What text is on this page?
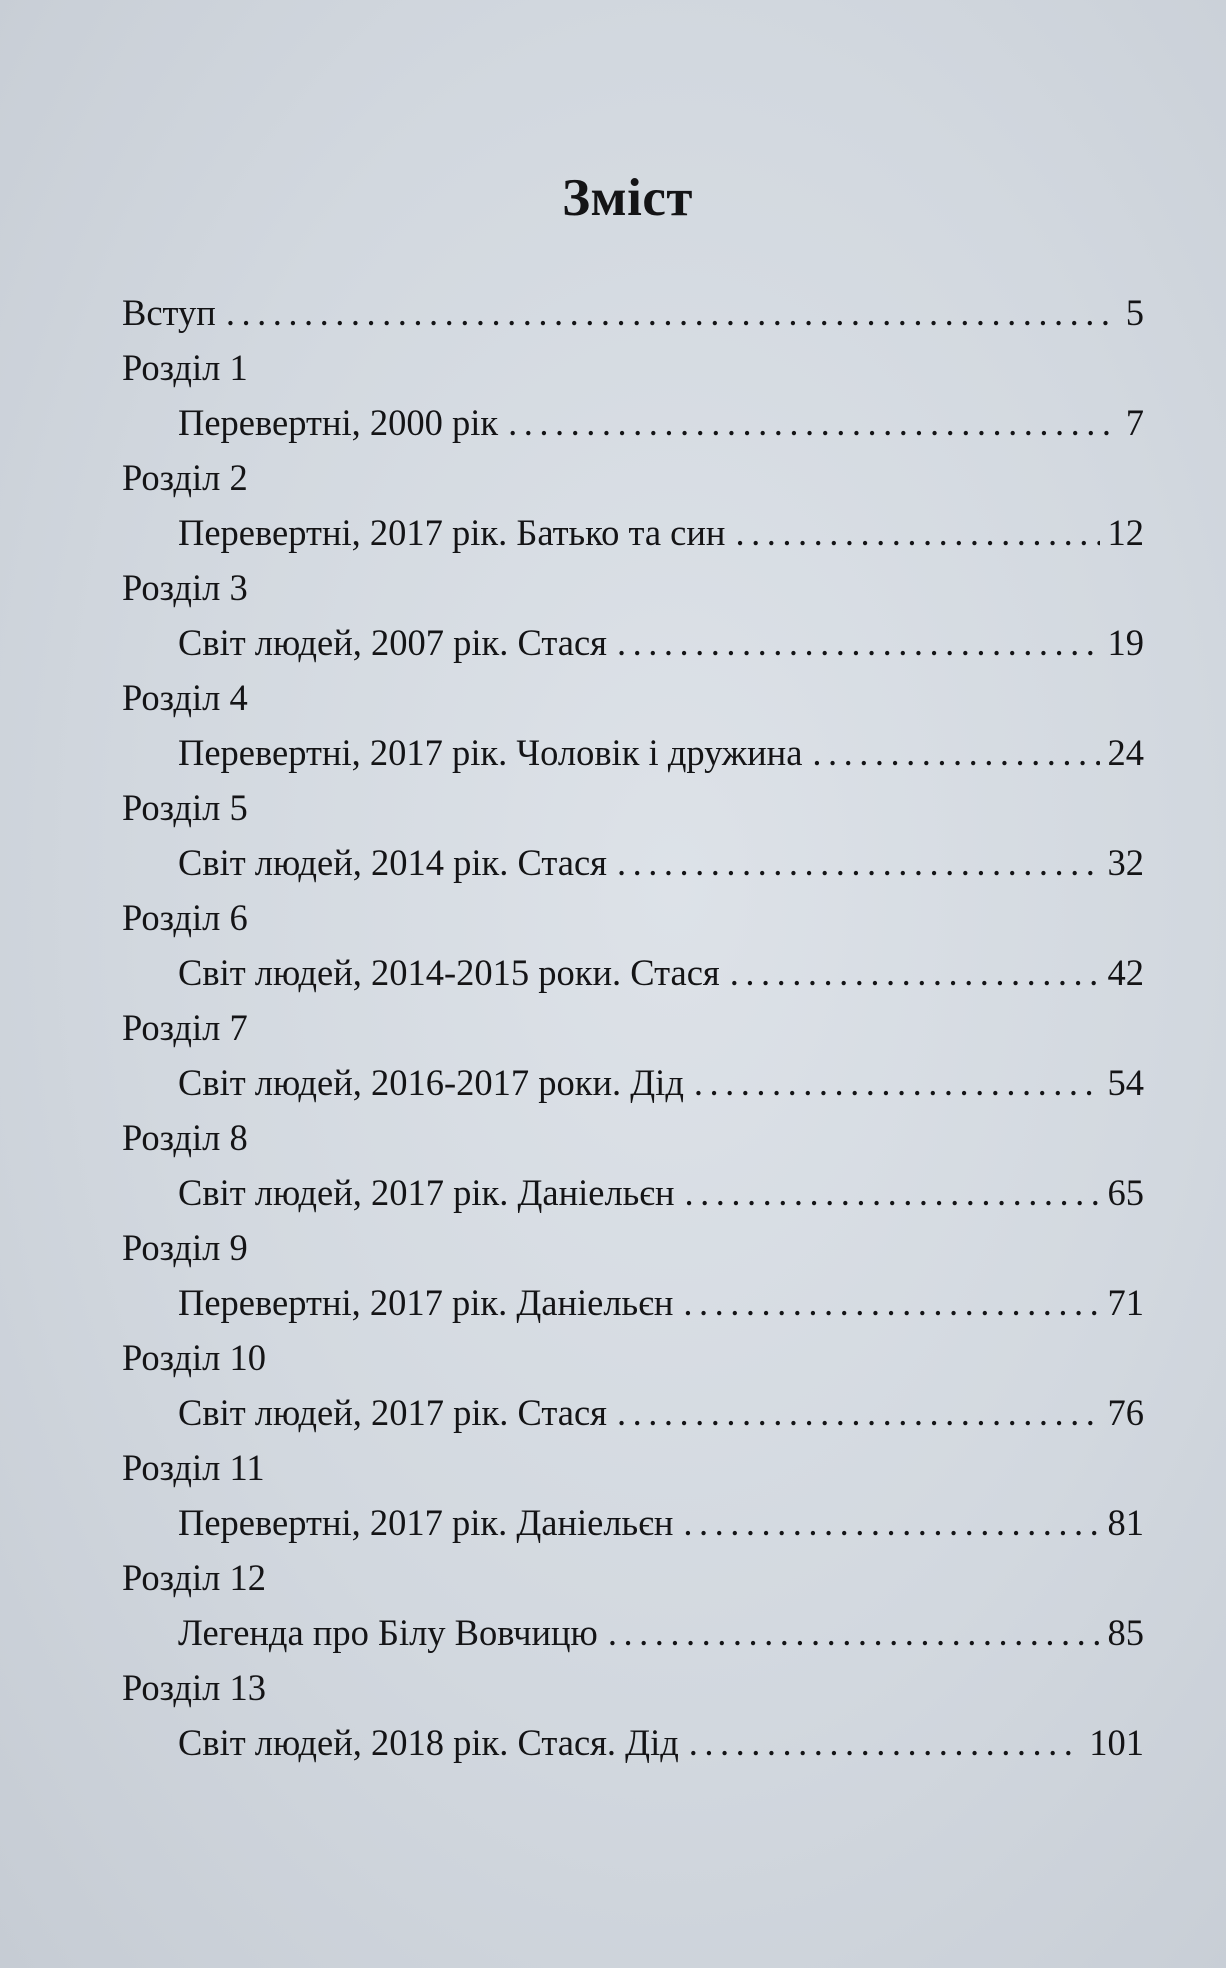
Зміст
Вступ .....	5
Розділ 1
Перевертні, 2000 рік .....	7
Розділ 2
Перевертні, 2017 рік. Батько та син .....	12
Розділ 3
Світ людей, 2007 рік. Стася .....	19
Розділ 4
Перевертні, 2017 рік. Чоловік і дружина .....	24
Розділ 5
Світ людей, 2014 рік. Стася .....	32
Розділ 6
Світ людей, 2014-2015 роки. Стася .....	42
Розділ 7
Світ людей, 2016-2017 роки. Дід .....	54
Розділ 8
Світ людей, 2017 рік. Даніельєн .....	65
Розділ 9
Перевертні, 2017 рік. Даніельєн .....	71
Розділ 10
Світ людей, 2017 рік. Стася .....	76
Розділ 11
Перевертні, 2017 рік. Даніельєн .....	81
Розділ 12
Легенда про Білу Вовчицю .....	85
Розділ 13
Світ людей, 2018 рік. Стася. Дід .....	101
